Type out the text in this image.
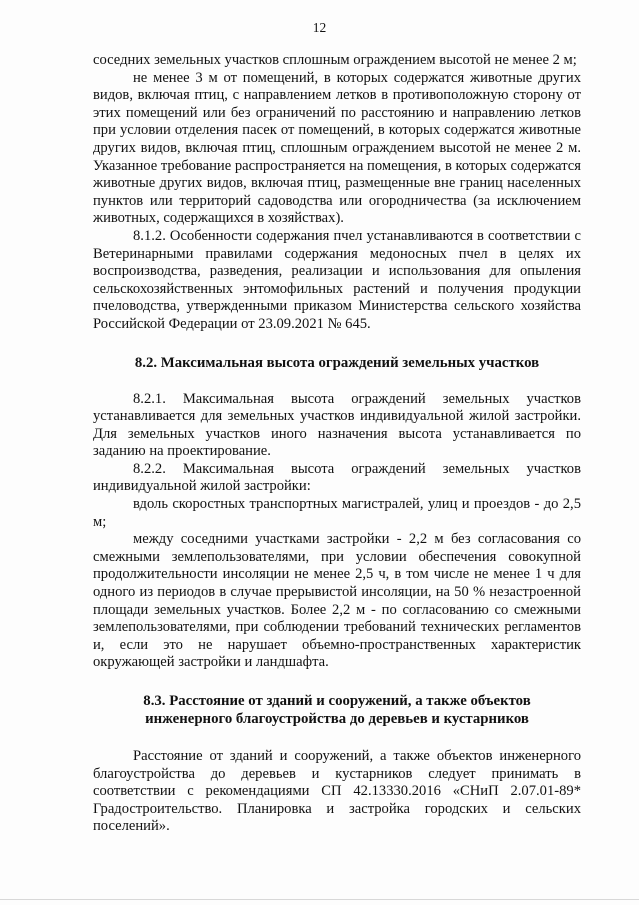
12

соседних земельных участков сплошным ограждением высотой не менее 2 м;

не менее 3 м от помещений, в которых содержатся животные других видов, включая птиц, с направлением летков в противоположную сторону от этих помещений или без ограничений по расстоянию и направлению летков при условии отделения пасек от помещений, в которых содержатся животные других видов, включая птиц, сплошным ограждением высотой не менее 2 м. Указанное требование распространяется на помещения, в которых содержатся животные других видов, включая птиц, размещенные вне границ населенных пунктов или территорий садоводства или огородничества (за исключением животных, содержащихся в хозяйствах).

8.1.2. Особенности содержания пчел устанавливаются в соответствии с Ветеринарными правилами содержания медоносных пчел в целях их воспроизводства, разведения, реализации и использования для опыления сельскохозяйственных энтомофильных растений и получения продукции пчеловодства, утвержденными приказом Министерства сельского хозяйства Российской Федерации от 23.09.2021 № 645.

8.2. Максимальная высота ограждений земельных участков

8.2.1. Максимальная высота ограждений земельных участков устанавливается для земельных участков индивидуальной жилой застройки. Для земельных участков иного назначения высота устанавливается по заданию на проектирование.

8.2.2. Максимальная высота ограждений земельных участков индивидуальной жилой застройки:

вдоль скоростных транспортных магистралей, улиц и проездов - до 2,5 м;

между соседними участками застройки - 2,2 м без согласования со смежными землепользователями, при условии обеспечения совокупной продолжительности инсоляции не менее 2,5 ч, в том числе не менее 1 ч для одного из периодов в случае прерывистой инсоляции, на 50 % незастроенной площади земельных участков. Более 2,2 м - по согласованию со смежными землепользователями, при соблюдении требований технических регламентов и, если это не нарушает объемно-пространственных характеристик окружающей застройки и ландшафта.

8.3. Расстояние от зданий и сооружений, а также объектов
инженерного благоустройства до деревьев и кустарников

Расстояние от зданий и сооружений, а также объектов инженерного благоустройства до деревьев и кустарников следует принимать в соответствии с рекомендациями СП 42.13330.2016 «СНиП 2.07.01-89* Градостроительство. Планировка и застройка городских и сельских поселений».
